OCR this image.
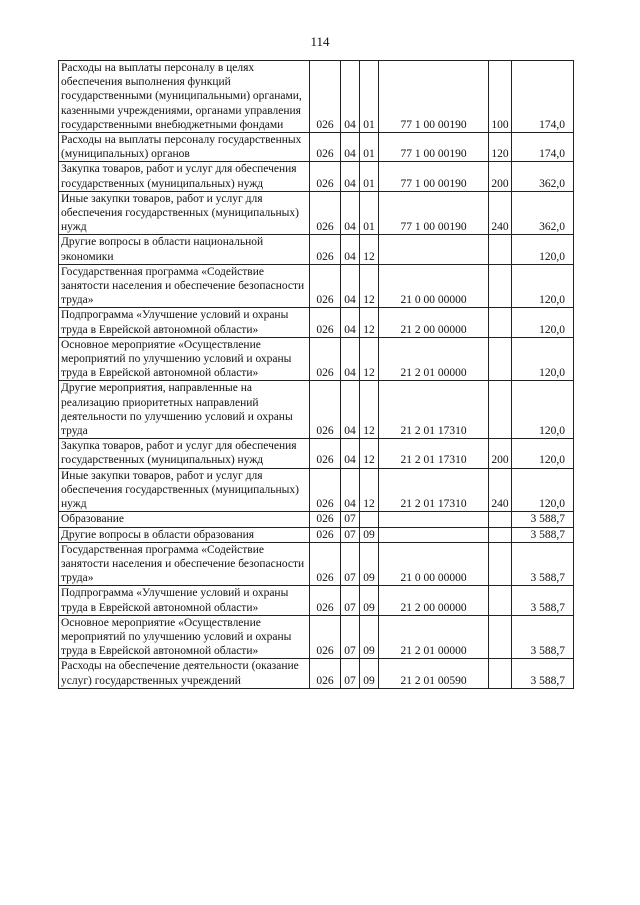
114
Расходы на выплаты персоналу в целях обеспечения выполнения функций государственными (муниципальными) органами, казенными учреждениями, органами управления государственными внебюджетными фондами	026	04	01	77 1 00 00190	100	174,0
Расходы на выплаты персоналу государственных (муниципальных) органов	026	04	01	77 1 00 00190	120	174,0
Закупка товаров, работ и услуг для обеспечения государственных (муниципальных) нужд	026	04	01	77 1 00 00190	200	362,0
Иные закупки товаров, работ и услуг для обеспечения государственных (муниципальных) нужд	026	04	01	77 1 00 00190	240	362,0
Другие вопросы в области национальной экономики	026	04	12			120,0
Государственная программа «Содействие занятости населения и обеспечение безопасности труда»	026	04	12	21 0 00 00000		120,0
Подпрограмма «Улучшение условий и охраны труда в Еврейской автономной области»	026	04	12	21 2 00 00000		120,0
Основное мероприятие «Осуществление мероприятий по улучшению условий и охраны труда в Еврейской автономной области»	026	04	12	21 2 01 00000		120,0
Другие мероприятия, направленные на реализацию приоритетных направлений деятельности по улучшению условий и охраны труда	026	04	12	21 2 01 17310		120,0
Закупка товаров, работ и услуг для обеспечения государственных (муниципальных) нужд	026	04	12	21 2 01 17310	200	120,0
Иные закупки товаров, работ и услуг для обеспечения государственных (муниципальных) нужд	026	04	12	21 2 01 17310	240	120,0
Образование	026	07				3 588,7
Другие вопросы в области образования	026	07	09			3 588,7
Государственная программа «Содействие занятости населения и обеспечение безопасности труда»	026	07	09	21 0 00 00000		3 588,7
Подпрограмма «Улучшение условий и охраны труда в Еврейской автономной области»	026	07	09	21 2 00 00000		3 588,7
Основное мероприятие «Осуществление мероприятий по улучшению условий и охраны труда в Еврейской автономной области»	026	07	09	21 2 01 00000		3 588,7
Расходы на обеспечение деятельности (оказание услуг) государственных учреждений	026	07	09	21 2 01 00590		3 588,7
